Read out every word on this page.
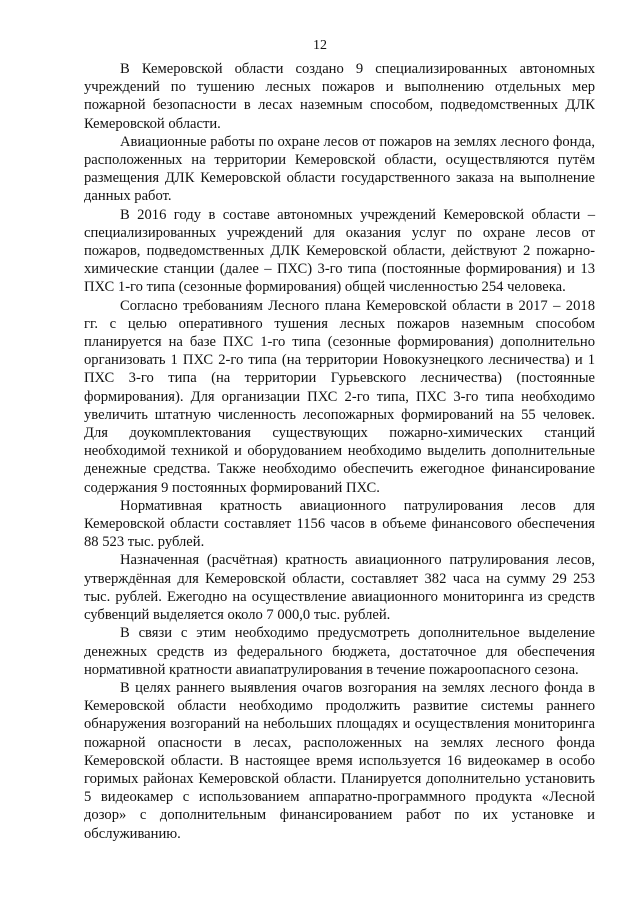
12

В Кемеровской области создано 9 специализированных автономных учреждений по тушению лесных пожаров и выполнению отдельных мер пожарной безопасности в лесах наземным способом, подведомственных ДЛК Кемеровской области.

Авиационные работы по охране лесов от пожаров на землях лесного фонда, расположенных на территории Кемеровской области, осуществляются путём размещения ДЛК Кемеровской области государственного заказа на выполнение данных работ.

В 2016 году в составе автономных учреждений Кемеровской области – специализированных учреждений для оказания услуг по охране лесов от пожаров, подведомственных ДЛК Кемеровской области, действуют 2 пожарно-химические станции (далее – ПХС) 3-го типа (постоянные формирования) и 13 ПХС 1-го типа (сезонные формирования) общей численностью 254 человека.

Согласно требованиям Лесного плана Кемеровской области в 2017 – 2018 гг. с целью оперативного тушения лесных пожаров наземным способом планируется на базе ПХС 1-го типа (сезонные формирования) дополнительно организовать 1 ПХС 2-го типа (на территории Новокузнецкого лесничества) и 1 ПХС 3-го типа (на территории Гурьевского лесничества) (постоянные формирования). Для организации ПХС 2-го типа, ПХС 3-го типа необходимо увеличить штатную численность лесопожарных формирований на 55 человек. Для доукомплектования существующих пожарно-химических станций необходимой техникой и оборудованием необходимо выделить дополнительные денежные средства. Также необходимо обеспечить ежегодное финансирование содержания 9 постоянных формирований ПХС.

Нормативная кратность авиационного патрулирования лесов для Кемеровской области составляет 1156 часов в объеме финансового обеспечения 88 523 тыс. рублей.

Назначенная (расчётная) кратность авиационного патрулирования лесов, утверждённая для Кемеровской области, составляет 382 часа на сумму 29 253 тыс. рублей. Ежегодно на осуществление авиационного мониторинга из средств субвенций выделяется около 7 000,0 тыс. рублей.

В связи с этим необходимо предусмотреть дополнительное выделение денежных средств из федерального бюджета, достаточное для обеспечения нормативной кратности авиапатрулирования в течение пожароопасного сезона.

В целях раннего выявления очагов возгорания на землях лесного фонда в Кемеровской области необходимо продолжить развитие системы раннего обнаружения возгораний на небольших площадях и осуществления мониторинга пожарной опасности в лесах, расположенных на землях лесного фонда Кемеровской области. В настоящее время используется 16 видеокамер в особо горимых районах Кемеровской области. Планируется дополнительно установить 5 видеокамер с использованием аппаратно-программного продукта «Лесной дозор» с дополнительным финансированием работ по их установке и обслуживанию.
